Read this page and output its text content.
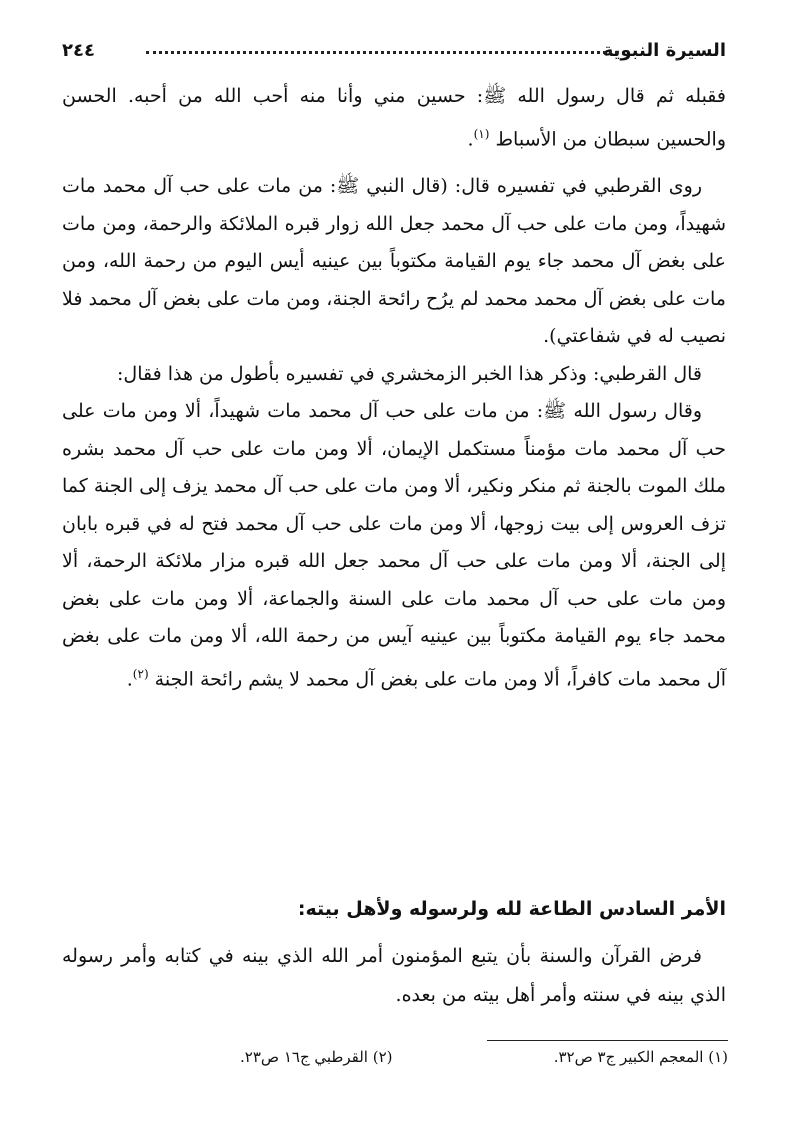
السيرة النبوية
٢٤٤

فقبله ثم قال رسول الله ﷺ: حسين مني وأنا منه أحب الله من أحبه. الحسن والحسين سبطان من الأسباط $^{(١)}$.

روى القرطبي في تفسيره قال: (قال النبي ﷺ: من مات على حب آل محمد مات شهيداً، ومن مات على حب آل محمد جعل الله زوار قبره الملائكة والرحمة، ومن مات على بغض آل محمد جاء يوم القيامة مكتوباً بين عينيه أيس اليوم من رحمة الله، ومن مات على بغض آل محمد محمد لم يرُح رائحة الجنة، ومن مات على بغض آل محمد فلا نصيب له في شفاعتي).

قال القرطبي: وذكر هذا الخبر الزمخشري في تفسيره بأطول من هذا فقال:

وقال رسول الله ﷺ: من مات على حب آل محمد مات شهيداً، ألا ومن مات على حب آل محمد مات مؤمناً مستكمل الإيمان، ألا ومن مات على حب آل محمد بشره ملك الموت بالجنة ثم منكر ونكير، ألا ومن مات على حب آل محمد يزف إلى الجنة كما تزف العروس إلى بيت زوجها، ألا ومن مات على حب آل محمد فتح له في قبره بابان إلى الجنة، ألا ومن مات على حب آل محمد جعل الله قبره مزار ملائكة الرحمة، ألا ومن مات على حب آل محمد مات على السنة والجماعة، ألا ومن مات على بغض محمد جاء يوم القيامة مكتوباً بين عينيه آيس من رحمة الله، ألا ومن مات على بغض آل محمد مات كافراً، ألا ومن مات على بغض آل محمد لا يشم رائحة الجنة $^{(٢)}$.

الأمر السادس الطاعة لله ولرسوله ولأهل بيته:

فرض القرآن والسنة بأن يتبع المؤمنون أمر الله الذي بينه في كتابه وأمر رسوله الذي بينه في سنته وأمر أهل بيته من بعده.

(١) المعجم الكبير ج٣ ص٣٢.
(٢) القرطبي ج١٦ ص٢٣.
